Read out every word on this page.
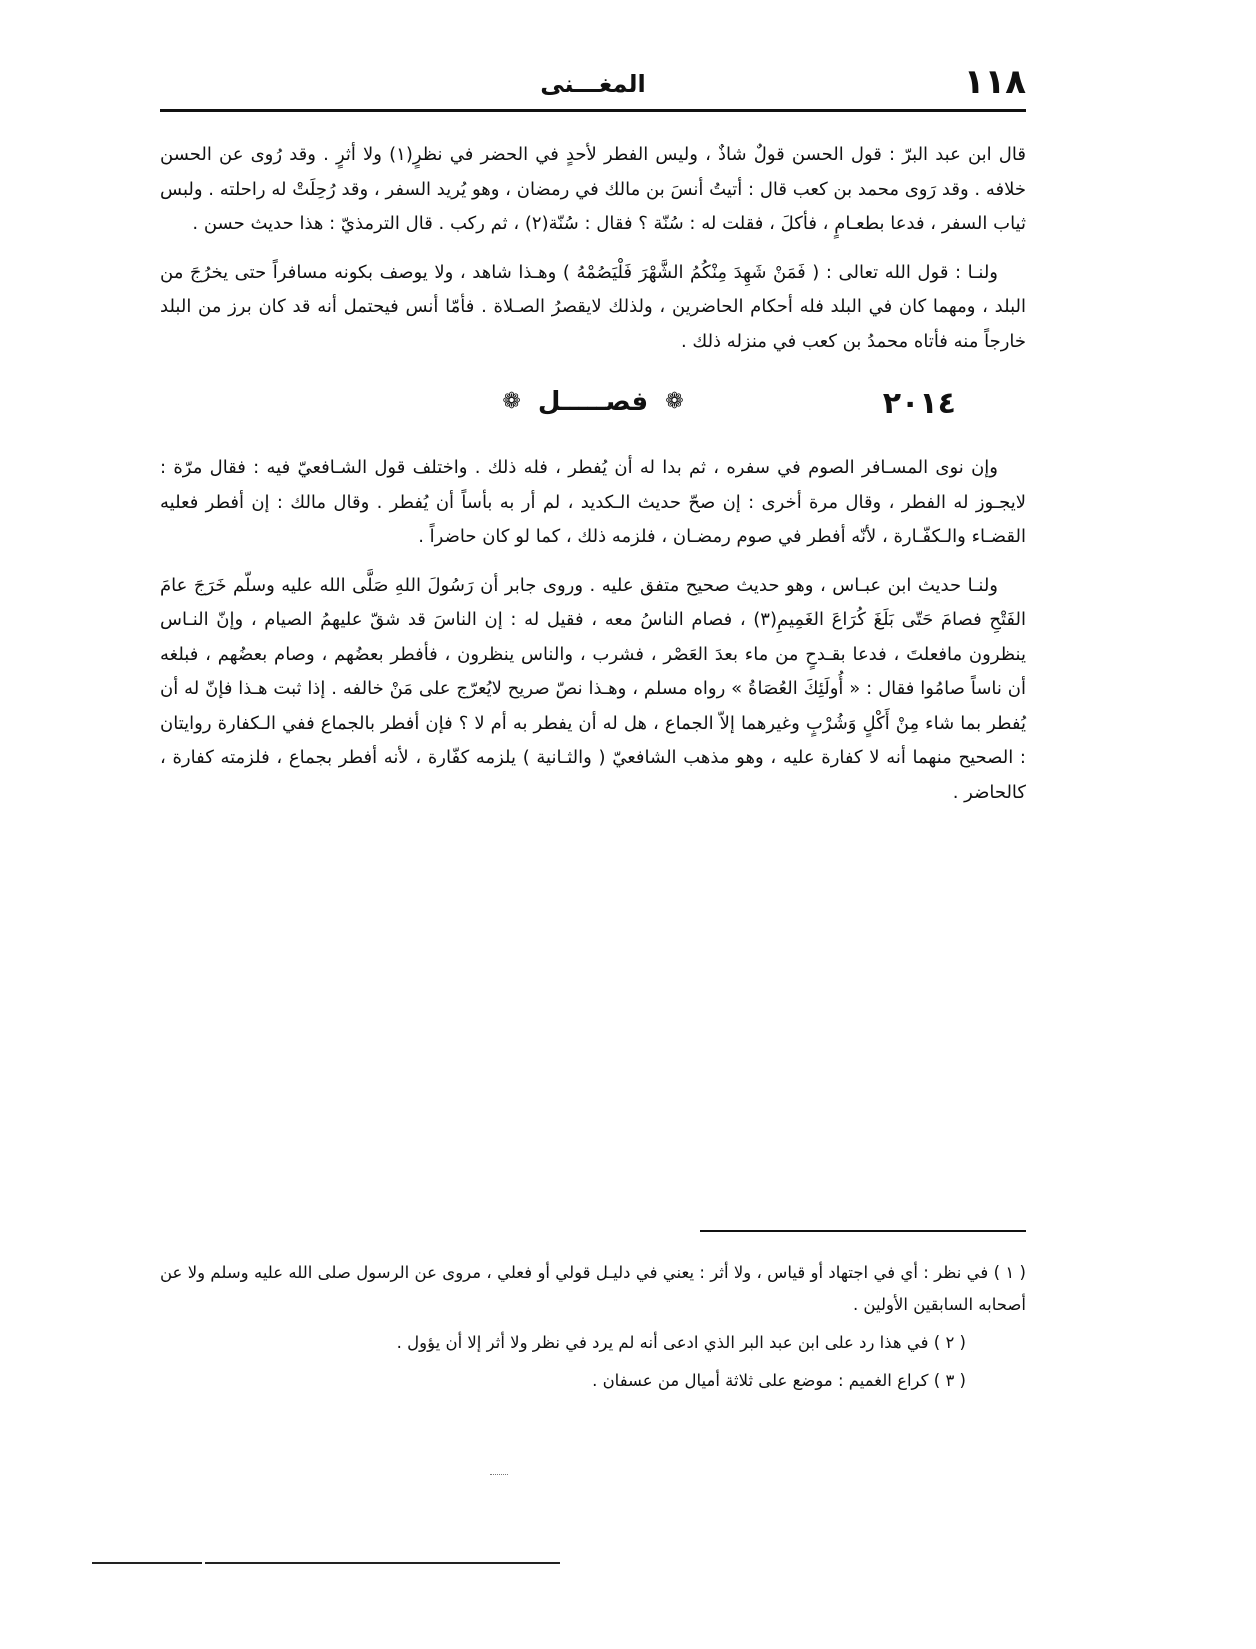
١١٨
المغـــنى

قال ابن عبد البرّ : قول الحسن قولٌ شاذٌ ، وليس الفطر لأحدٍ في الحضر في نظرٍ(١) ولا أثرٍ . وقد رُوى عن الحسن خلافه . وقد رَوى محمد بن كعب قال : أتيتُ أنسَ بن مالك في رمضان ، وهو يُريد السفر ، وقد رُحِلَتْ له راحلته . ولبس ثياب السفر ، فدعا بطعـامٍ ، فأكلَ ، فقلت له : سُنّة ؟ فقال : سُنّة(٢) ، ثم ركب . قال الترمذيّ : هذا حديث حسن .

ولنـا : قول الله تعالى : ( فَمَنْ شَهِدَ مِنْكُمُ الشَّهْرَ فَلْيَصُمْهُ ) وهـذا شاهد ، ولا يوصف بكونه مسافراً حتى يخرُجَ من البلد ، ومهما كان في البلد فله أحكام الحاضرين ، ولذلك لايقصرُ الصـلاة . فأمّا أنس فيحتمل أنه قد كان برز من البلد خارجاً منه فأتاه محمدُ بن كعب في منزله ذلك .

٢٠١٤
❁ فصـــــل ❁

وإن نوى المسـافر الصوم في سفره ، ثم بدا له أن يُفطر ، فله ذلك . واختلف قول الشـافعيّ فيه : فقال مرّة : لايجـوز له الفطر ، وقال مرة أخرى : إن صحّ حديث الـكديد ، لم أر به بأساً أن يُفطر . وقال مالك : إن أفطر فعليه القضـاء والـكفّـارة ، لأنّه أفطر في صوم رمضـان ، فلزمه ذلك ، كما لو كان حاضراً .

ولنـا حديث ابن عبـاس ، وهو حديث صحيح متفق عليه . وروى جابر أن رَسُولَ اللهِ صَلَّى الله عليه وسلّم خَرَجَ عامَ الفَتْحِ فصامَ حَتّى بَلَغَ كُرَاعَ الغَمِيمِ(٣) ، فصام الناسُ معه ، فقيل له : إن الناسَ قد شقّ عليهمُ الصيام ، وإنّ النـاس ينظرون مافعلتَ ، فدعا بقـدحٍ من ماء بعدَ العَصْر ، فشرب ، والناس ينظرون ، فأفطر بعضُهم ، وصام بعضُهم ، فبلغه أن ناساً صامُوا فقال : « أُولَئِكَ العُصَاةُ » رواه مسلم ، وهـذا نصّ صريح لايُعرّج على مَنْ خالفه . إذا ثبت هـذا فإنّ له أن يُفطر بما شاء مِنْ أَكْلٍ وَشُرْبٍ وغيرهما إلاّ الجماع ، هل له أن يفطر به أم لا ؟ فإن أفطر بالجماع ففي الـكفارة روايتان : الصحيح منهما أنه لا كفارة عليه ، وهو مذهب الشافعيّ ( والثـانية ) يلزمه كفّارة ، لأنه أفطر بجماع ، فلزمته كفارة ، كالحاضر .

( ١ ) في نظر : أي في اجتهاد أو قياس ، ولا أثر : يعني في دليـل قولي أو فعلي ، مروى عن الرسول صلى الله عليه وسلم ولا عن أصحابه السابقين الأولين .

( ٢ ) في هذا رد على ابن عبد البر الذي ادعى أنه لم يرد في نظر ولا أثر إلا أن يؤول .

( ٣ ) كراع الغميم : موضع على ثلاثة أميال من عسفان .
